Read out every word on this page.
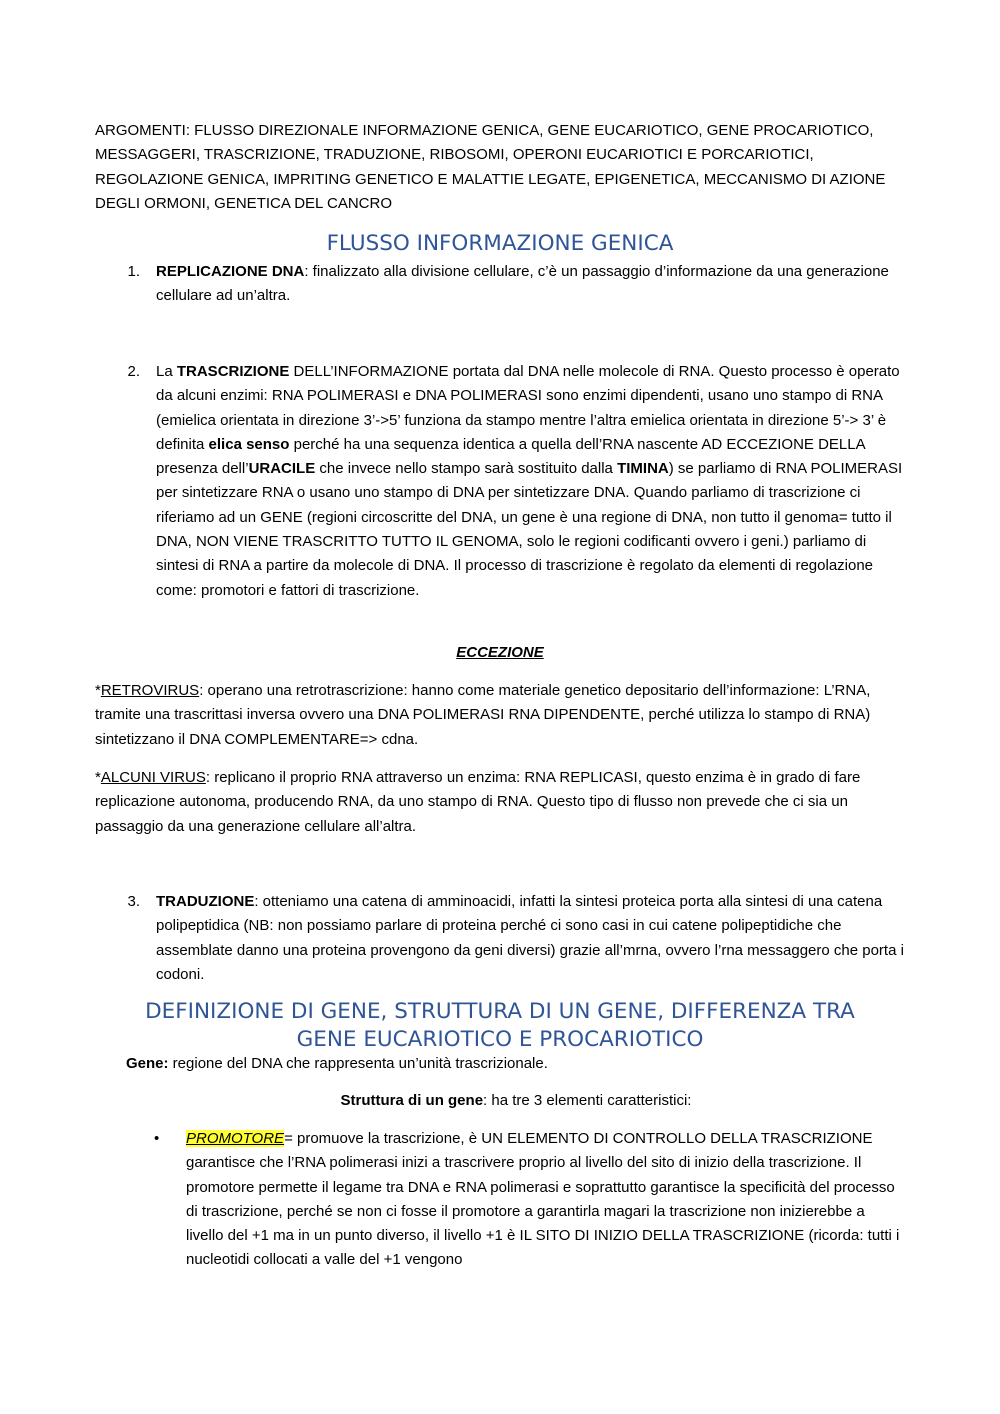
ARGOMENTI: FLUSSO DIREZIONALE INFORMAZIONE GENICA, GENE EUCARIOTICO, GENE PROCARIOTICO, MESSAGGERI, TRASCRIZIONE, TRADUZIONE, RIBOSOMI, OPERONI EUCARIOTICI E PORCARIOTICI, REGOLAZIONE GENICA, IMPRITING GENETICO E MALATTIE LEGATE, EPIGENETICA, MECCANISMO DI AZIONE DEGLI ORMONI, GENETICA DEL CANCRO
FLUSSO INFORMAZIONE GENICA
1. REPLICAZIONE DNA: finalizzato alla divisione cellulare, c’è un passaggio d’informazione da una generazione cellulare ad un’altra.
2. La TRASCRIZIONE DELL’INFORMAZIONE portata dal DNA nelle molecole di RNA. Questo processo è operato da alcuni enzimi: RNA POLIMERASI e DNA POLIMERASI sono enzimi dipendenti, usano uno stampo di RNA (emielica orientata in direzione 3’->5’ funziona da stampo mentre l’altra emielica orientata in direzione 5’-> 3’ è definita elica senso perché ha una sequenza identica a quella dell’RNA nascente AD ECCEZIONE DELLA presenza dell’URACILE che invece nello stampo sarà sostituito dalla TIMINA) se parliamo di RNA POLIMERASI per sintetizzare RNA o usano uno stampo di DNA per sintetizzare DNA. Quando parliamo di trascrizione ci riferiamo ad un GENE (regioni circoscritte del DNA, un gene è una regione di DNA, non tutto il genoma= tutto il DNA, NON VIENE TRASCRITTO TUTTO IL GENOMA, solo le regioni codificanti ovvero i geni.) parliamo di sintesi di RNA a partire da molecole di DNA. Il processo di trascrizione è regolato da elementi di regolazione come: promotori e fattori di trascrizione.
ECCEZIONE
*RETROVIRUS: operano una retrotrascrizione: hanno come materiale genetico depositario dell’informazione: L’RNA, tramite una trascrittasi inversa ovvero una DNA POLIMERASI RNA DIPENDENTE, perché utilizza lo stampo di RNA) sintetizzano il DNA COMPLEMENTARE=> cdna.
*ALCUNI VIRUS: replicano il proprio RNA attraverso un enzima: RNA REPLICASI, questo enzima è in grado di fare replicazione autonoma, producendo RNA, da uno stampo di RNA. Questo tipo di flusso non prevede che ci sia un passaggio da una generazione cellulare all’altra.
3. TRADUZIONE: otteniamo una catena di amminoacidi, infatti la sintesi proteica porta alla sintesi di una catena polipeptidica (NB: non possiamo parlare di proteina perché ci sono casi in cui catene polipeptidiche che assemblate danno una proteina provengono da geni diversi) grazie all’mrna, ovvero l’rna messaggero che porta i codoni.
DEFINIZIONE DI GENE, STRUTTURA DI UN GENE, DIFFERENZA TRA GENE EUCARIOTICO E PROCARIOTICO
Gene: regione del DNA che rappresenta un’unità trascrizionale.
Struttura di un gene: ha tre 3 elementi caratteristici:
• PROMOTORE= promuove la trascrizione, è UN ELEMENTO DI CONTROLLO DELLA TRASCRIZIONE garantisce che l’RNA polimerasi inizi a trascrivere proprio al livello del sito di inizio della trascrizione. Il promotore permette il legame tra DNA e RNA polimerasi e soprattutto garantisce la specificità del processo di trascrizione, perché se non ci fosse il promotore a garantirla magari la trascrizione non inizierebbe a livello del +1 ma in un punto diverso, il livello +1 è IL SITO DI INIZIO DELLA TRASCRIZIONE (ricorda: tutti i nucleotidi collocati a valle del +1 vengono
